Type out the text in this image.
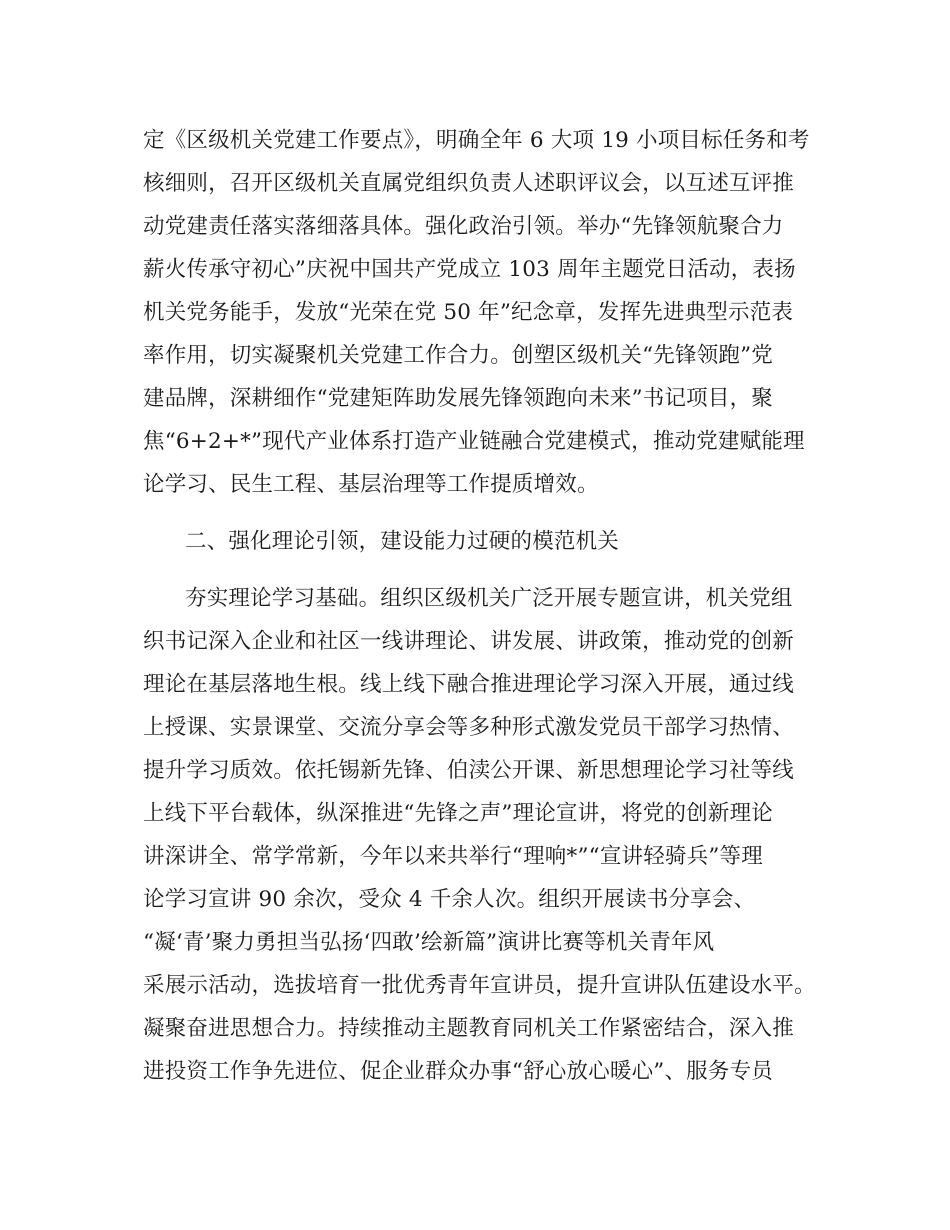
定《区级机关党建工作要点》，明确全年 6 大项 19 小项目标任务和考
核细则，召开区级机关直属党组织负责人述职评议会，以互述互评推
动党建责任落实落细落具体。强化政治引领。举办“先锋领航聚合力
薪火传承守初心”庆祝中国共产党成立 103 周年主题党日活动，表扬
机关党务能手，发放“光荣在党 50 年”纪念章，发挥先进典型示范表
率作用，切实凝聚机关党建工作合力。创塑区级机关“先锋领跑”党
建品牌，深耕细作“党建矩阵助发展先锋领跑向未来”书记项目，聚
焦“6+2+*”现代产业体系打造产业链融合党建模式，推动党建赋能理
论学习、民生工程、基层治理等工作提质增效。
二、强化理论引领，建设能力过硬的模范机关
夯实理论学习基础。组织区级机关广泛开展专题宣讲，机关党组
织书记深入企业和社区一线讲理论、讲发展、讲政策，推动党的创新
理论在基层落地生根。线上线下融合推进理论学习深入开展，通过线
上授课、实景课堂、交流分享会等多种形式激发党员干部学习热情、
提升学习质效。依托锡新先锋、伯渎公开课、新思想理论学习社等线
上线下平台载体，纵深推进“先锋之声”理论宣讲，将党的创新理论
讲深讲全、常学常新，今年以来共举行“理响*”“宣讲轻骑兵”等理
论学习宣讲 90 余次，受众 4 千余人次。组织开展读书分享会、
“凝‘青’聚力勇担当弘扬‘四敢’绘新篇”演讲比赛等机关青年风
采展示活动，选拔培育一批优秀青年宣讲员，提升宣讲队伍建设水平。
凝聚奋进思想合力。持续推动主题教育同机关工作紧密结合，深入推
进投资工作争先进位、促企业群众办事“舒心放心暖心”、服务专员
